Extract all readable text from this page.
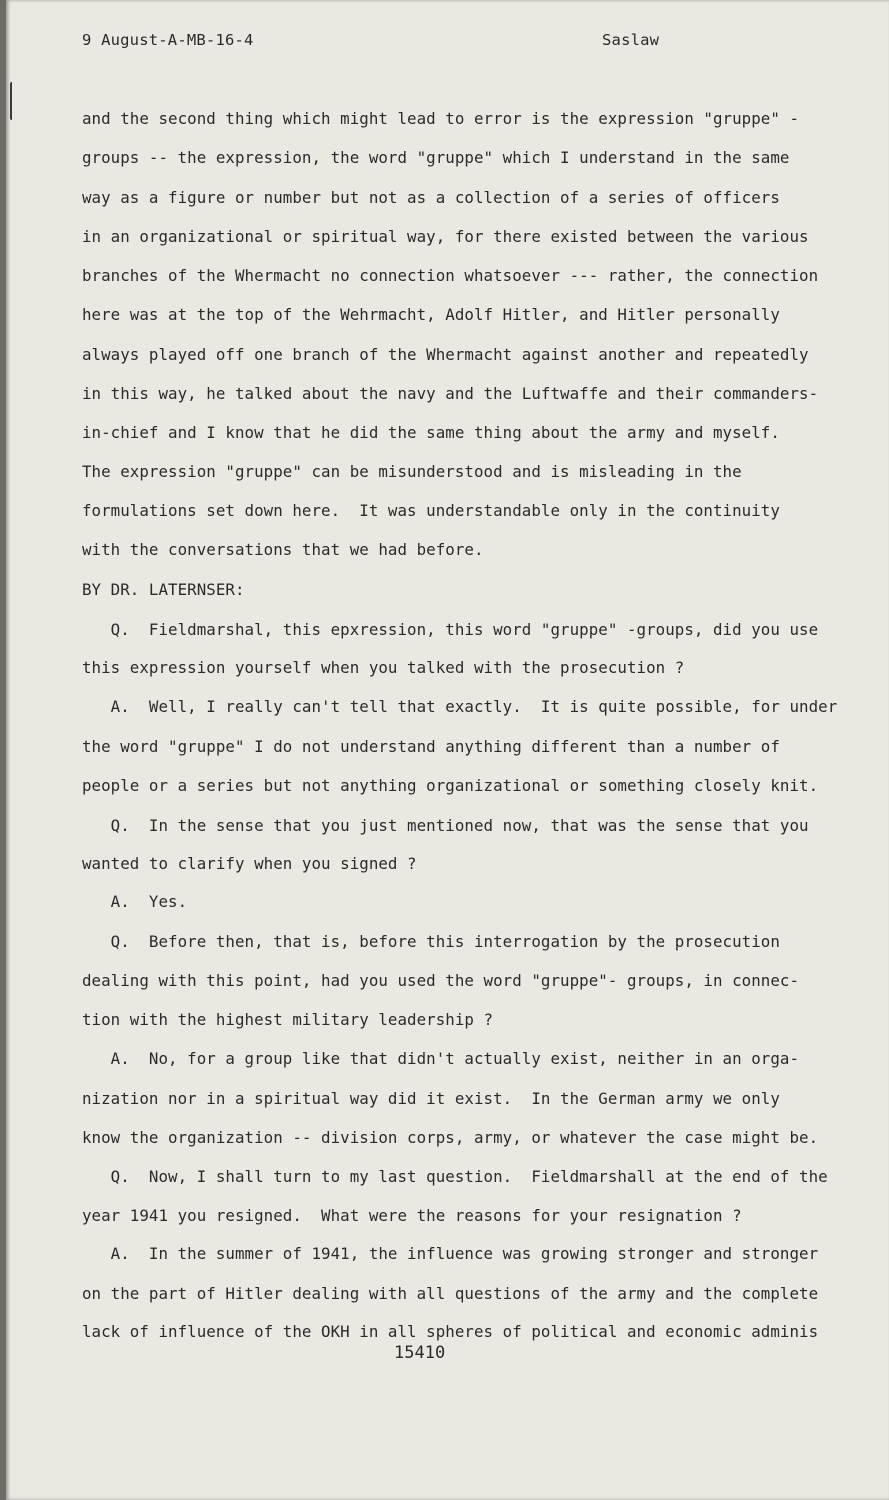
9 August-A-MB-16-4	Saslaw
and the second thing which might lead to error is the expression "gruppe" -
groups -- the expression, the word "gruppe" which I understand in the same
way as a figure or number but not as a collection of a series of officers
in an organizational or spiritual way, for there existed between the various
branches of the Whermacht no connection whatsoever --- rather, the connection
here was at the top of the Wehrmacht, Adolf Hitler, and Hitler personally
always played off one branch of the Whermacht against another and repeatedly
in this way, he talked about the navy and the Luftwaffe and their commanders-
in-chief and I know that he did the same thing about the army and myself.
The expression "gruppe" can be misunderstood and is misleading in the
formulations set down here.  It was understandable only in the continuity
with the conversations that we had before.
BY DR. LATERNSER:
Q.  Fieldmarshal, this epxression, this word "gruppe" -groups, did you use
this expression yourself when you talked with the prosecution ?
A.  Well, I really can't tell that exactly.  It is quite possible, for under
the word "gruppe" I do not understand anything different than a number of
people or a series but not anything organizational or something closely knit.
Q.  In the sense that you just mentioned now, that was the sense that you
wanted to clarify when you signed ?
A.  Yes.
Q.  Before then, that is, before this interrogation by the prosecution
dealing with this point, had you used the word "gruppe"- groups, in connec-
tion with the highest military leadership ?
A.  No, for a group like that didn't actually exist, neither in an orga-
nization nor in a spiritual way did it exist.  In the German army we only
know the organization -- division corps, army, or whatever the case might be.
Q.  Now, I shall turn to my last question.  Fieldmarshall at the end of the
year 1941 you resigned.  What were the reasons for your resignation ?
A.  In the summer of 1941, the influence was growing stronger and stronger
on the part of Hitler dealing with all questions of the army and the complete
lack of influence of the OKH in all spheres of political and economic adminis
15410
